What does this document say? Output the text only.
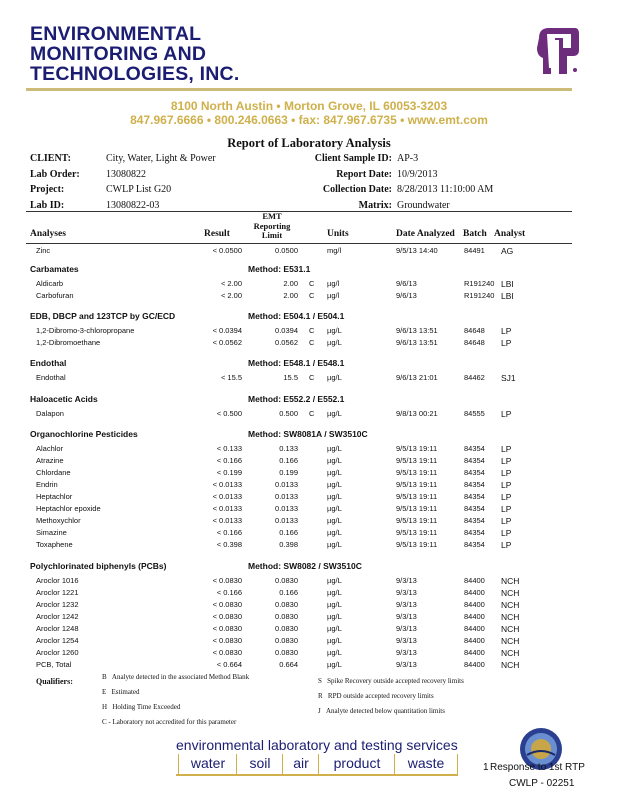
ENVIRONMENTAL
MONITORING AND
TECHNOLOGIES, INC.
8100 North Austin • Morton Grove, IL 60053-3203
847.967.6666 • 800.246.0663 • fax: 847.967.6735 • www.emt.com
Report of Laboratory Analysis
CLIENT:	City, Water, Light & Power
Lab Order:	13080822
Project:	CWLP List G20
Lab ID:	13080822-03
Client Sample ID: AP-3
Report Date: 10/9/2013
Collection Date: 8/28/2013 11:10:00 AM
Matrix: Groundwater
Analyses	Result
EMT
Reporting
Limit	Units	Date Analyzed Batch Analyst
Zinc	< 0.0500	0.0500	mg/l	9/5/13 14:40	84491 AG
Carbamates	Method: E531.1
Aldicarb	< 2.00	2.00 C µg/l	9/6/13	R191240 LBI
Carbofuran	< 2.00	2.00 C µg/l	9/6/13	R191240 LBI
EDB, DBCP and 123TCP by GC/ECD	Method: E504.1 / E504.1
1,2-Dibromo-3-chloropropane	< 0.0394	0.0394 C µg/L	9/6/13 13:51	84648 LP
1,2-Dibromoethane	< 0.0562	0.0562 C µg/L	9/6/13 13:51	84648 LP
Endothal	Method: E548.1 / E548.1
Endothal	< 15.5	15.5 C µg/L	9/6/13 21:01	84462 SJ1
Haloacetic Acids	Method: E552.2 / E552.1
Dalapon	< 0.500	0.500 C µg/L	9/8/13 00:21	84555 LP
Organochlorine Pesticides	Method: SW8081A / SW3510C
Alachlor	< 0.133	0.133	µg/L	9/5/13 19:11	84354 LP
Atrazine	< 0.166	0.166	µg/L	9/5/13 19:11	84354 LP
Chlordane	< 0.199	0.199	µg/L	9/5/13 19:11	84354 LP
Endrin	< 0.0133	0.0133	µg/L	9/5/13 19:11	84354 LP
Heptachlor	< 0.0133	0.0133	µg/L	9/5/13 19:11	84354 LP
Heptachlor epoxide	< 0.0133	0.0133	µg/L	9/5/13 19:11	84354 LP
Methoxychlor	< 0.0133	0.0133	µg/L	9/5/13 19:11	84354 LP
Simazine	< 0.166	0.166	µg/L	9/5/13 19:11	84354 LP
Toxaphene	< 0.398	0.398	µg/L	9/5/13 19:11	84354 LP
Polychlorinated biphenyls (PCBs)	Method: SW8082 / SW3510C
Aroclor 1016	< 0.0830	0.0830	µg/L	9/3/13	84400 NCH
Aroclor 1221	< 0.166	0.166	µg/L	9/3/13	84400 NCH
Aroclor 1232	< 0.0830	0.0830	µg/L	9/3/13	84400 NCH
Aroclor 1242	< 0.0830	0.0830	µg/L	9/3/13	84400 NCH
Aroclor 1248	< 0.0830	0.0830	µg/L	9/3/13	84400 NCH
Aroclor 1254	< 0.0830	0.0830	µg/L	9/3/13	84400 NCH
Aroclor 1260	< 0.0830	0.0830	µg/L	9/3/13	84400 NCH
PCB, Total	< 0.664	0.664	µg/L	9/3/13	84400 NCH
Qualifiers:	B Analyte detected in the associated Method Blank
E Estimated
H Holding Time Exceeded
C - Laboratory not accredited for this parameter
S Spike Recovery outside accepted recovery limits
R RPD outside accepted recovery limits
J Analyte detected below quantitation limits
environmental laboratory and testing services
water	soil	air	product	waste	1 Response to 1st RTP
CWLP - 02251
